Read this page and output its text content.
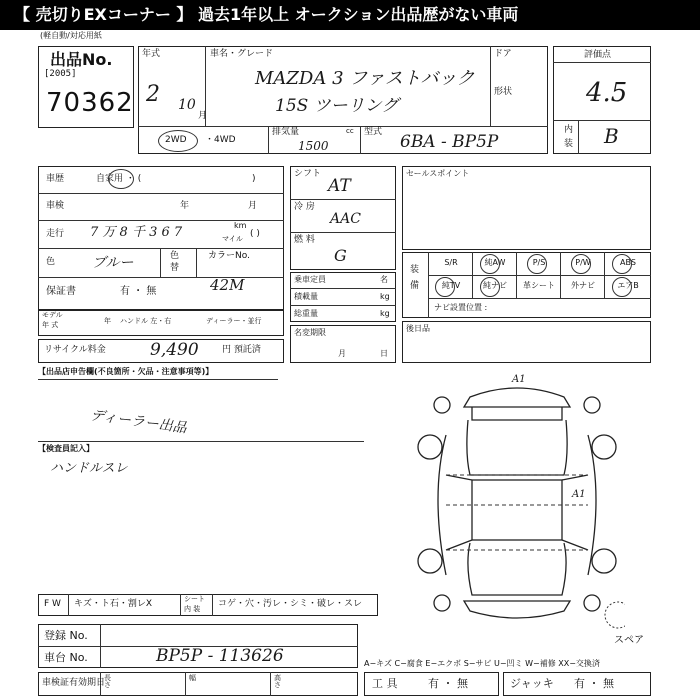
【 売切りEXコーナー 】 過去1年以上 オークション出品歴がない車両
(軽自動/対応用紙
出品No.
[2005]
70362
年式
2 10
月
車名・グレード
MAZDA 3 ファストバック
15S ツーリング
ドア
形状
2WD ・4WD
排気量
1500
cc 型式 6BA - BP5P
評価点
4.5
内
装 B
車歴	自家用 ・ (	)
車検	年	月
走行 7 万 8 千 3 6 7	km
マイル ( )
色	ブルー	色
替
カラーNo.
42M
保証書	有 ・ 無
モデル
年 式	年 ハンドル 左・右	ディーラー・並行
リサイクル料金	9,490	円 預託済
シフト
AT
冷 房
AAC
燃 料
G
乗車定員	名
積載量	kg
総重量	kg
名変期限
月	日
セールスポイント
装
備
S/R	純AW	P/S	P/W	ABS
純TV	純ナビ	革シート	外ナビ	エアB
ナビ設置位置 :
後日品
【出品店申告欄(不良箇所・欠品・注意事項等)】
ディーラー出品
【検査員記入】
ハンドルスレ
A1
A1
スペア
F W キズ・ト石・割レX	シート
内 装 コゲ・穴・汚レ・シミ・破レ・スレ
登録 No.
車台 No.	BP5P - 113626	A−キズ C−腐食 E−エクボ S−サビ U−凹ミ W−補修 XX−交換済
車検証有効期日
長さ
幅	高さ	工 具	有 ・ 無	ジャッキ 有 ・ 無
